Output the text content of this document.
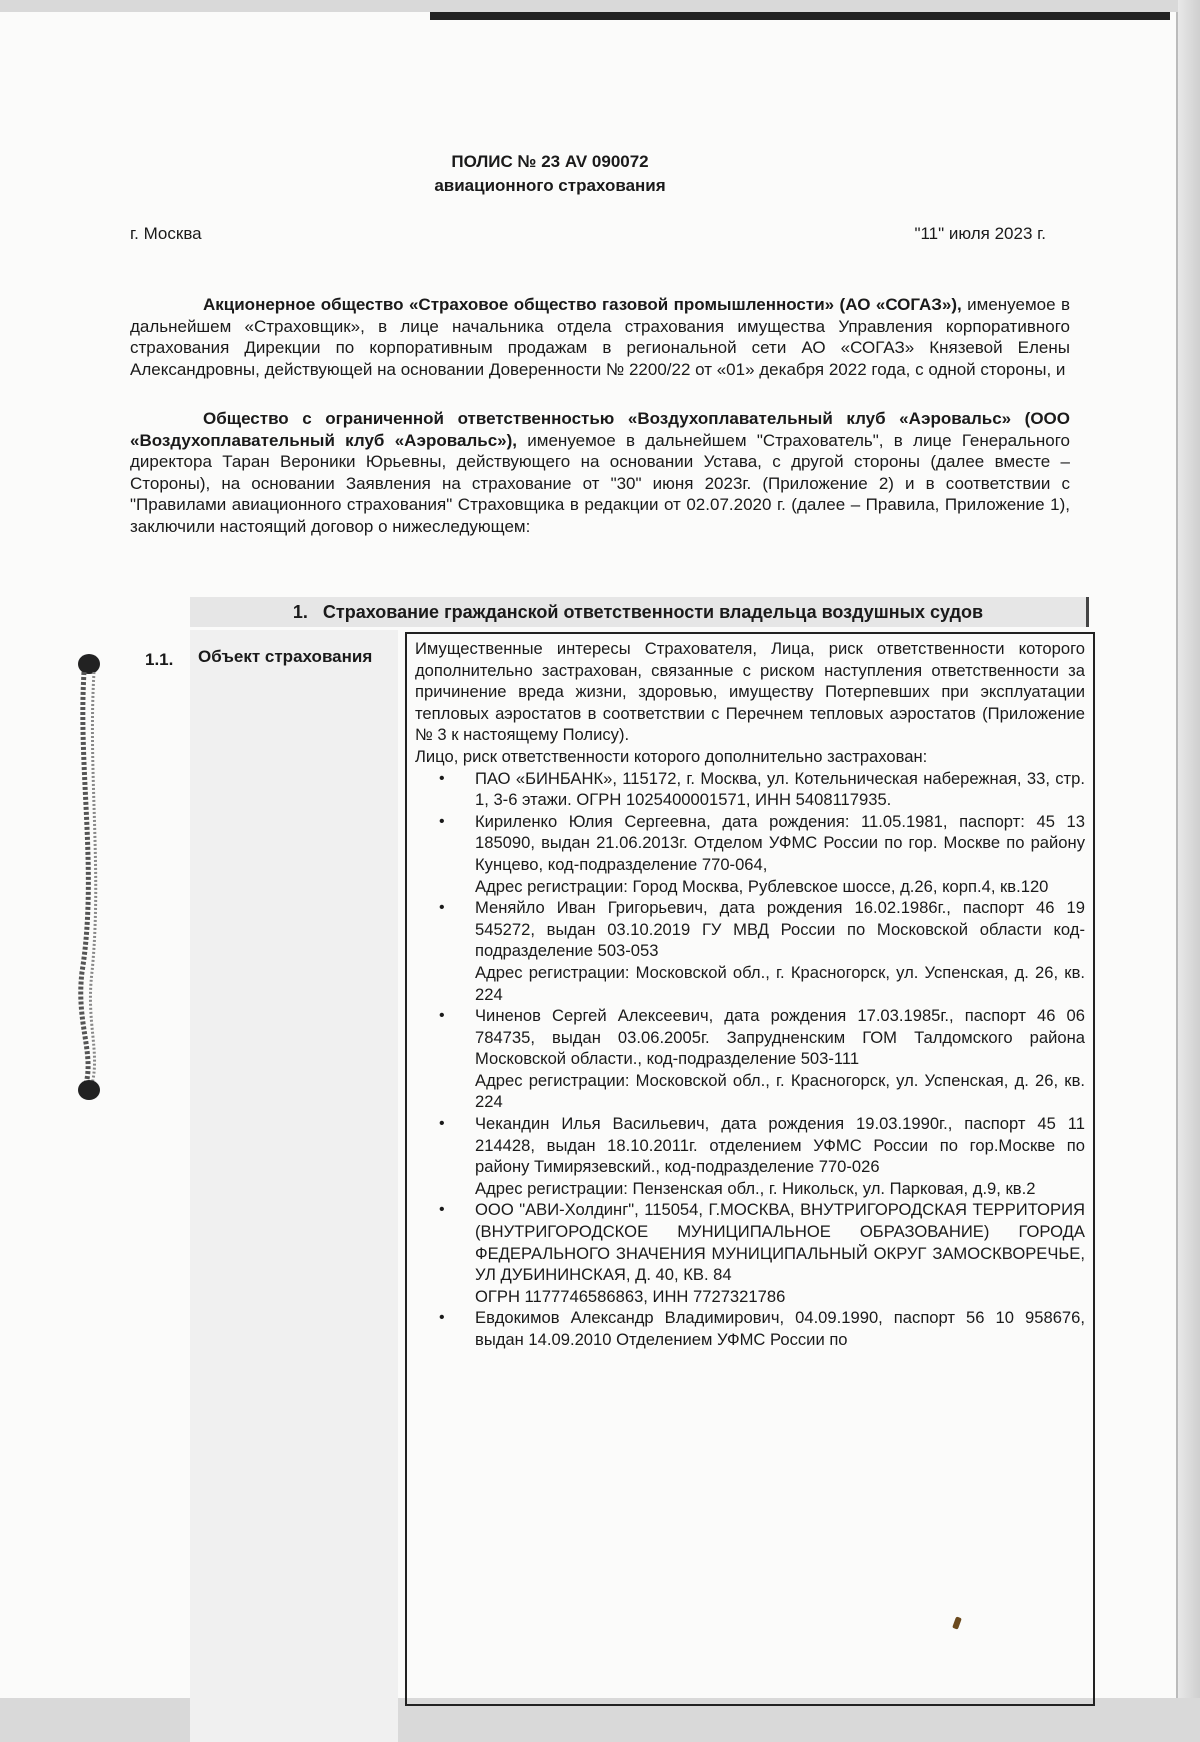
ПОЛИС № 23 AV 090072
авиационного страхования
г. Москва	"11" июля 2023 г.
Акционерное общество «Страховое общество газовой промышленности» (АО «СОГАЗ»), именуемое в дальнейшем «Страховщик», в лице начальника отдела страхования имущества Управления корпоративного страхования Дирекции по корпоративным продажам в региональной сети АО «СОГАЗ» Князевой Елены Александровны, действующей на основании Доверенности № 2200/22 от «01» декабря 2022 года, с одной стороны, и
Общество с ограниченной ответственностью «Воздухоплавательный клуб «Аэровальс» (ООО «Воздухоплавательный клуб «Аэровальс»), именуемое в дальнейшем "Страхователь", в лице Генерального директора Таран Вероники Юрьевны, действующего на основании Устава, с другой стороны (далее вместе – Стороны), на основании Заявления на страхование от "30" июня 2023г. (Приложение 2) и в соответствии с "Правилами авиационного страхования" Страховщика в редакции от 02.07.2020 г. (далее – Правила, Приложение 1), заключили настоящий договор о нижеследующем:
1. Страхование гражданской ответственности владельца воздушных судов
1.1. Объект страхования	Имущественные интересы Страхователя, Лица, риск ответственности которого дополнительно застрахован, связанные с риском наступления ответственности за причинение вреда жизни, здоровью, имуществу Потерпевших при эксплуатации тепловых аэростатов в соответствии с Перечнем тепловых аэростатов (Приложение № 3 к настоящему Полису).
Лицо, риск ответственности которого дополнительно застрахован:
• ПАО «БИНБАНК», 115172, г. Москва, ул. Котельническая набережная, 33, стр. 1, 3-6 этажи. ОГРН 1025400001571, ИНН 5408117935.

• Кириленко Юлия Сергеевна, дата рождения: 11.05.1981, паспорт: 45 13 185090, выдан 21.06.2013г. Отделом УФМС России по гор. Москве по району Кунцево, код-подразделение 770-064,

Адрес регистрации: Город Москва, Рублевское шоссе, д.26, корп.4, кв.120

• Меняйло Иван Григорьевич, дата рождения 16.02.1986г., паспорт 46 19 545272, выдан 03.10.2019 ГУ МВД России по Московской области код-подразделение 503-053

Адрес регистрации: Московской обл., г. Красногорск, ул. Успенская, д. 26, кв. 224

• Чиненов Сергей Алексеевич, дата рождения 17.03.1985г., паспорт 46 06 784735, выдан 03.06.2005г. Запрудненским ГОМ Талдомского района Московской области., код-подразделение 503-111

Адрес регистрации: Московской обл., г. Красногорск, ул. Успенская, д. 26, кв. 224

• Чекандин Илья Васильевич, дата рождения 19.03.1990г., паспорт 45 11 214428, выдан 18.10.2011г. отделением УФМС России по гор.Москве по району Тимирязевский., код-подразделение 770-026

Адрес регистрации: Пензенская обл., г. Никольск, ул. Парковая, д.9, кв.2

• ООО "АВИ-Холдинг", 115054, Г.МОСКВА, ВНУТРИГОРОДСКАЯ ТЕРРИТОРИЯ (ВНУТРИГОРОДСКОЕ МУНИЦИПАЛЬНОЕ ОБРАЗОВАНИЕ) ГОРОДА ФЕДЕРАЛЬНОГО ЗНАЧЕНИЯ МУНИЦИПАЛЬНЫЙ ОКРУГ ЗАМОСКВОРЕЧЬЕ, УЛ ДУБИНИНСКАЯ, Д. 40, КВ. 84

ОГРН 1177746586863, ИНН 7727321786

• Евдокимов Александр Владимирович, 04.09.1990, паспорт 56 10 958676, выдан 14.09.2010 Отделением УФМС России по
